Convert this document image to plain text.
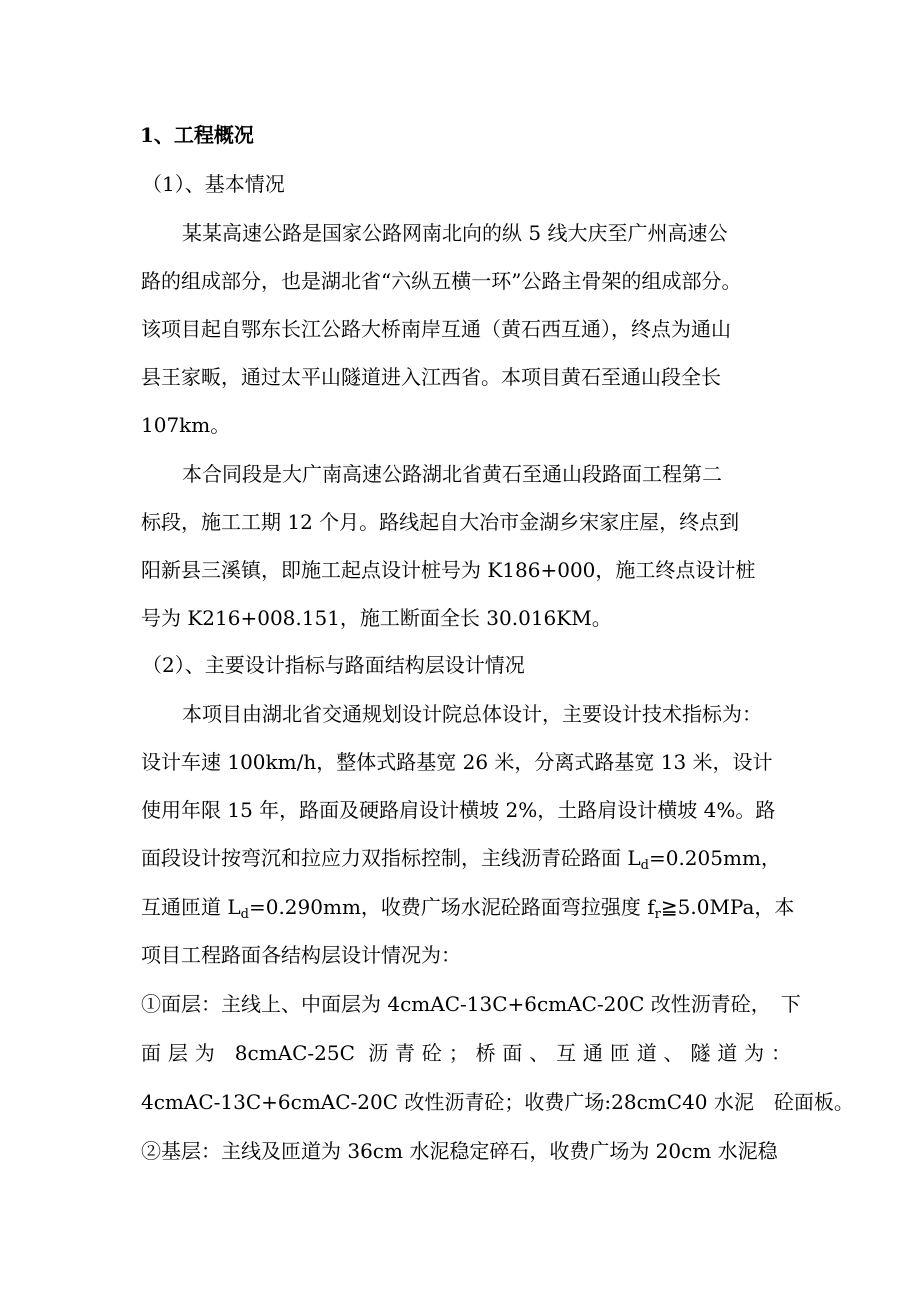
1、工程概况
（1）、基本情况
某某高速公路是国家公路网南北向的纵 5 线大庆至广州高速公
路的组成部分，也是湖北省“六纵五横一环”公路主骨架的组成部分。
该项目起自鄂东长江公路大桥南岸互通（黄石西互通），终点为通山
县王家畈，通过太平山隧道进入江西省。本项目黄石至通山段全长
107km。
本合同段是大广南高速公路湖北省黄石至通山段路面工程第二
标段，施工工期 12 个月。路线起自大冶市金湖乡宋家庄屋，终点到
阳新县三溪镇，即施工起点设计桩号为 K186+000，施工终点设计桩
号为 K216+008.151，施工断面全长 30.016KM。
（2）、主要设计指标与路面结构层设计情况
本项目由湖北省交通规划设计院总体设计，主要设计技术指标为：
设计车速 100km/h，整体式路基宽 26 米，分离式路基宽 13 米，设计
使用年限 15 年，路面及硬路肩设计横坡 2%，土路肩设计横坡 4%。路
面段设计按弯沉和拉应力双指标控制，主线沥青砼路面 $L_d=0.205mm$，
互通匝道 $L_d=0.290mm$，收费广场水泥砼路面弯拉强度 $f_r≧5.0MPa$，本
项目工程路面各结构层设计情况为：
①面层：主线上、中面层为 4cmAC-13C+6cmAC-20C 改性沥青砼，　下
面层为 8cmAC-25C 沥青砼；桥面、互通匝道、隧道为：
4cmAC-13C+6cmAC-20C 改性沥青砼；收费广场:28cmC40 水泥　砼面板。
②基层：主线及匝道为 36cm 水泥稳定碎石，收费广场为 20cm 水泥稳
